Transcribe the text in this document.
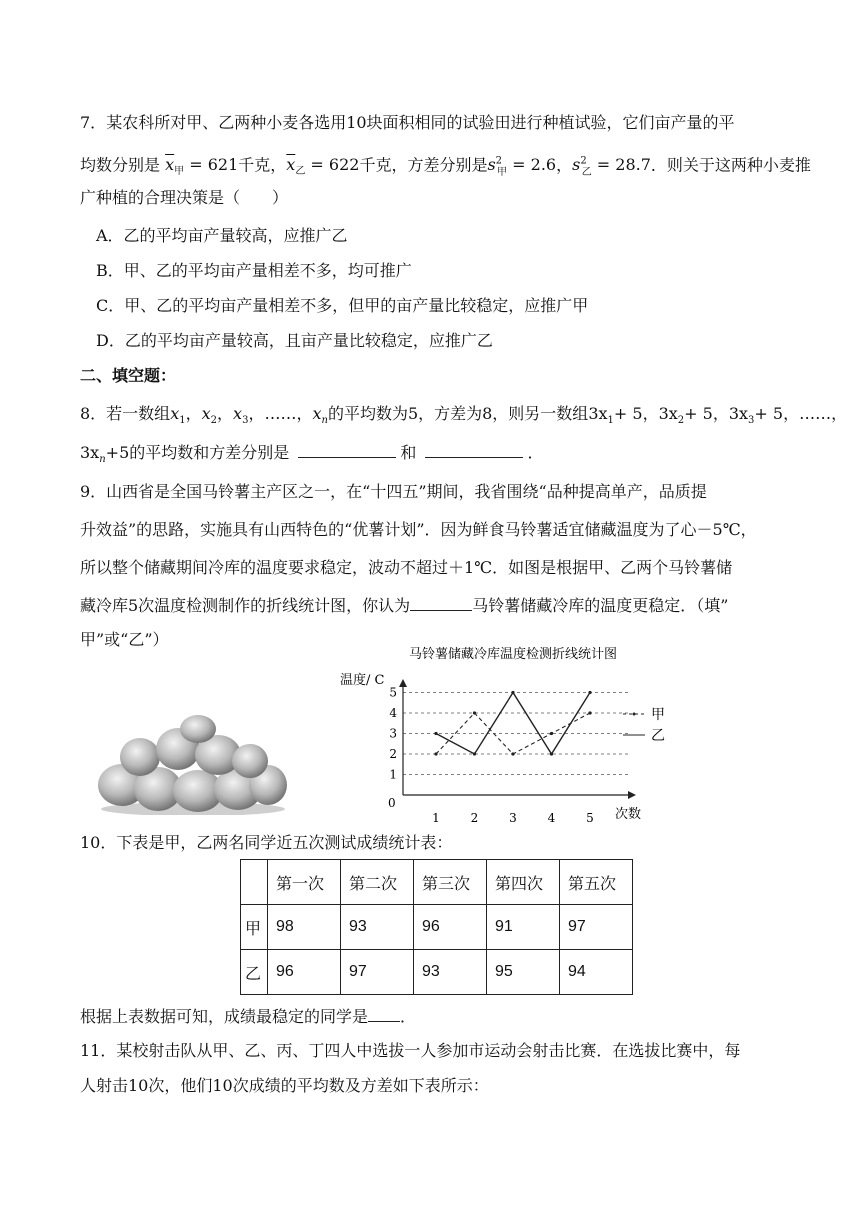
7．某农科所对甲、乙两种小麦各选用10块面积相同的试验田进行种植试验，它们亩产量的平
均数分别是 $\overline{x}_甲 = 621$千克，$\overline{x}_乙 = 622$千克，方差分别是$s^2_甲 = 2.6$，$s^2_乙 = 28.7$．则关于这两种小麦推
广种植的合理决策是（　　）
A．乙的平均亩产量较高，应推广乙
B．甲、乙的平均亩产量相差不多，均可推广
C．甲、乙的平均亩产量相差不多，但甲的亩产量比较稳定，应推广甲
D．乙的平均亩产量较高，且亩产量比较稳定，应推广乙
二、填空题：
8．若一数组$x_1$，$x_2$，$x_3$，……，$x_n$的平均数为5，方差为8，则另一数组$3x_1+ 5$，$3x_2+ 5$，$3x_3+ 5$，……，
$3x_n+5$的平均数和方差分别是	和	．
9．山西省是全国马铃薯主产区之一，在“十四五”期间，我省围绕“品种提高单产，品质提
升效益”的思路，实施具有山西特色的“优薯计划”．因为鲜食马铃薯适宜储藏温度为了心－5℃，
所以整个储藏期间冷库的温度要求稳定，波动不超过＋1℃．如图是根据甲、乙两个马铃薯储
藏冷库5次温度检测制作的折线统计图，你认为	马铃薯储藏冷库的温度更稳定．（填”
甲”或“乙”）
马铃薯储藏冷库温度检测折线统计图
温度/ C
次数
0
1
2
3
4
5
1	2	3	4	5
甲
乙
10．下表是甲，乙两名同学近五次测试成绩统计表：
	第一次	第二次	第三次	第四次	第五次
甲	98	93	96	91	97
乙	96	97	93	95	94
根据上表数据可知，成绩最稳定的同学是 ．
11．某校射击队从甲、乙、丙、丁四人中选拔一人参加市运动会射击比赛．在选拔比赛中，每
人射击10次，他们10次成绩的平均数及方差如下表所示：
